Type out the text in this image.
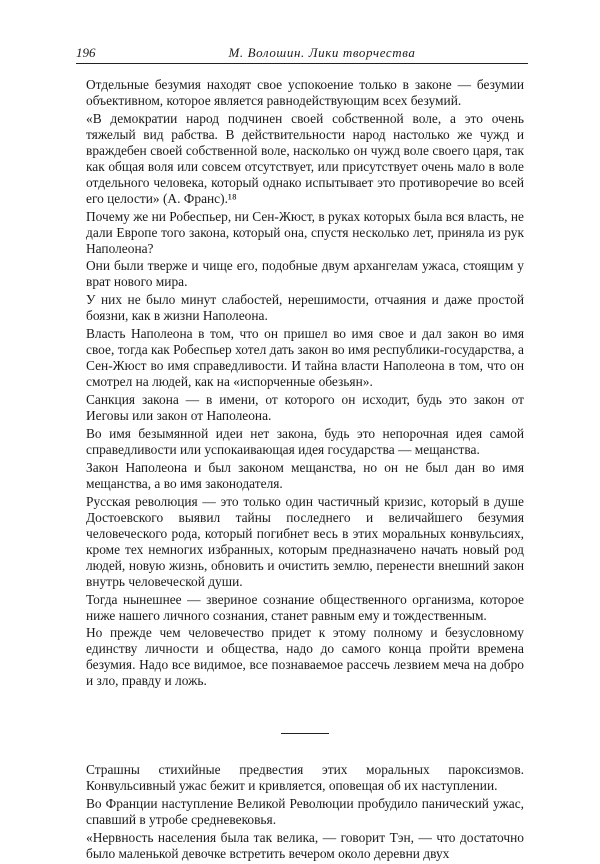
196	М. Волошин. Лики творчества

Отдельные безумия находят свое успокоение только в законе — безумии объективном, которое является равнодействующим всех безумий.

«В демократии народ подчинен своей собственной воле, а это очень тяжелый вид рабства. В действительности народ настолько же чужд и враждебен своей собственной воле, насколько он чужд воле своего царя, так как общая воля или совсем отсутствует, или присутствует очень мало в воле отдельного человека, который однако испытывает это противоречие во всей его целости» (А. Франс).¹⁸

Почему же ни Робеспьер, ни Сен-Жюст, в руках которых была вся власть, не дали Европе того закона, который она, спустя несколько лет, приняла из рук Наполеона?

Они были тверже и чище его, подобные двум архангелам ужаса, стоящим у врат нового мира.

У них не было минут слабостей, нерешимости, отчаяния и даже простой боязни, как в жизни Наполеона.

Власть Наполеона в том, что он пришел во имя свое и дал закон во имя свое, тогда как Робеспьер хотел дать закон во имя республики-государства, а Сен-Жюст во имя справедливости. И тайна власти Наполеона в том, что он смотрел на людей, как на «испорченные обезьян».

Санкция закона — в имени, от которого он исходит, будь это закон от Иеговы или закон от Наполеона.

Во имя безымянной идеи нет закона, будь это непорочная идея самой справедливости или успокаивающая идея государства — мещанства.

Закон Наполеона и был законом мещанства, но он не был дан во имя мещанства, а во имя законодателя.

Русская революция — это только один частичный кризис, который в душе Достоевского выявил тайны последнего и величайшего безумия человеческого рода, который погибнет весь в этих моральных конвульсиях, кроме тех немногих избранных, которым предназначено начать новый род людей, новую жизнь, обновить и очистить землю, перенести внешний закон внутрь человеческой души.

Тогда нынешнее — звериное сознание общественного организма, которое ниже нашего личного сознания, станет равным ему и тождественным.

Но прежде чем человечество придет к этому полному и безусловному единству личности и общества, надо до самого конца пройти времена безумия. Надо все видимое, все познаваемое рассечь лезвием меча на добро и зло, правду и ложь.

Страшны стихийные предвестия этих моральных пароксизмов. Конвульсивный ужас бежит и кривляется, оповещая об их наступлении.

Во Франции наступление Великой Революции пробудило панический ужас, спавший в утробе средневековья.

«Нервность населения была так велика, — говорит Тэн, — что достаточно было маленькой девочке встретить вечером около деревни двух
